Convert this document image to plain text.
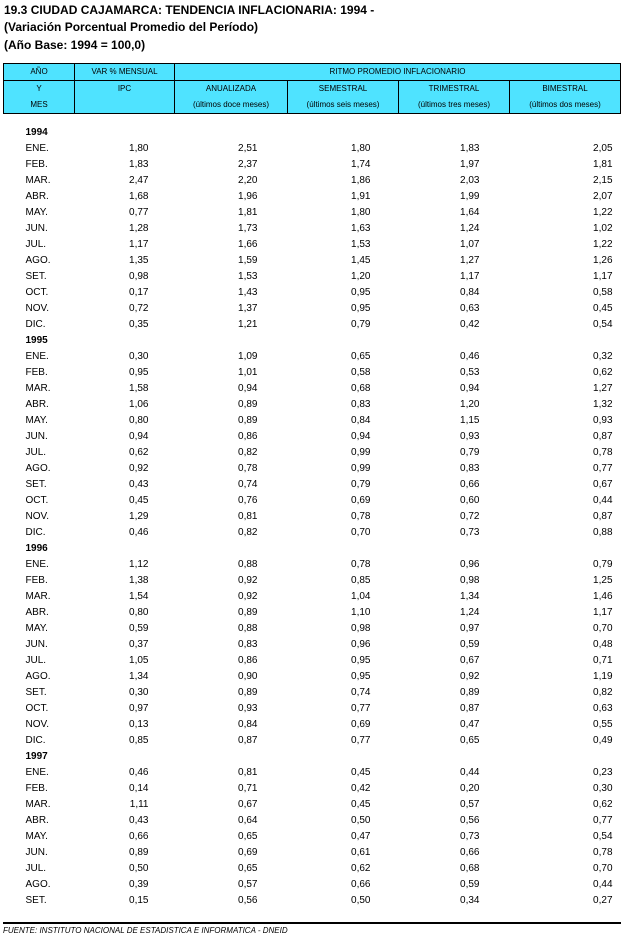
19.3 CIUDAD CAJAMARCA: TENDENCIA INFLACIONARIA: 1994 -
(Variación Porcentual Promedio del Período)
(Año Base: 1994 = 100,0)
AÑO	VAR % MENSUAL	RITMO PROMEDIO INFLACIONARIO			
Y	IPC	ANUALIZADA	SEMESTRAL	TRIMESTRAL	BIMESTRAL
MES		(últimos doce meses)	(últimos seis meses)	(últimos tres meses)	(últimos dos meses)

1994					
ENE.	1,80	2,51	1,80	1,83	2,05
FEB.	1,83	2,37	1,74	1,97	1,81
MAR.	2,47	2,20	1,86	2,03	2,15
ABR.	1,68	1,96	1,91	1,99	2,07
MAY.	0,77	1,81	1,80	1,64	1,22
JUN.	1,28	1,73	1,63	1,24	1,02
JUL.	1,17	1,66	1,53	1,07	1,22
AGO.	1,35	1,59	1,45	1,27	1,26
SET.	0,98	1,53	1,20	1,17	1,17
OCT.	0,17	1,43	0,95	0,84	0,58
NOV.	0,72	1,37	0,95	0,63	0,45
DIC.	0,35	1,21	0,79	0,42	0,54
1995					
ENE.	0,30	1,09	0,65	0,46	0,32
FEB.	0,95	1,01	0,58	0,53	0,62
MAR.	1,58	0,94	0,68	0,94	1,27
ABR.	1,06	0,89	0,83	1,20	1,32
MAY.	0,80	0,89	0,84	1,15	0,93
JUN.	0,94	0,86	0,94	0,93	0,87
JUL.	0,62	0,82	0,99	0,79	0,78
AGO.	0,92	0,78	0,99	0,83	0,77
SET.	0,43	0,74	0,79	0,66	0,67
OCT.	0,45	0,76	0,69	0,60	0,44
NOV.	1,29	0,81	0,78	0,72	0,87
DIC.	0,46	0,82	0,70	0,73	0,88
1996					
ENE.	1,12	0,88	0,78	0,96	0,79
FEB.	1,38	0,92	0,85	0,98	1,25
MAR.	1,54	0,92	1,04	1,34	1,46
ABR.	0,80	0,89	1,10	1,24	1,17
MAY.	0,59	0,88	0,98	0,97	0,70
JUN.	0,37	0,83	0,96	0,59	0,48
JUL.	1,05	0,86	0,95	0,67	0,71
AGO.	1,34	0,90	0,95	0,92	1,19
SET.	0,30	0,89	0,74	0,89	0,82
OCT.	0,97	0,93	0,77	0,87	0,63
NOV.	0,13	0,84	0,69	0,47	0,55
DIC.	0,85	0,87	0,77	0,65	0,49
1997					
ENE.	0,46	0,81	0,45	0,44	0,23
FEB.	0,14	0,71	0,42	0,20	0,30
MAR.	1,11	0,67	0,45	0,57	0,62
ABR.	0,43	0,64	0,50	0,56	0,77
MAY.	0,66	0,65	0,47	0,73	0,54
JUN.	0,89	0,69	0,61	0,66	0,78
JUL.	0,50	0,65	0,62	0,68	0,70
AGO.	0,39	0,57	0,66	0,59	0,44
SET.	0,15	0,56	0,50	0,34	0,27
FUENTE: INSTITUTO NACIONAL DE ESTADISTICA E INFORMATICA - DNEID
